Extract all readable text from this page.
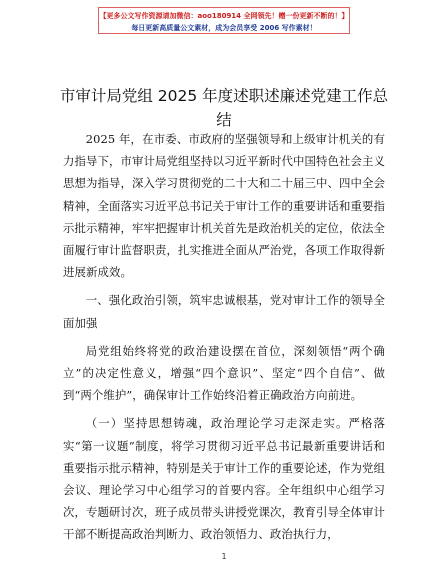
【更多公文写作资源请加微信：aoo180914 全网领先！赠一份更新不断的！】
每日更新高质量公文素材，成为会员享受 2006 写作素材！
市审计局党组 2025 年度述职述廉述党建工作总结

2025 年，在市委、市政府的坚强领导和上级审计机关的有力指导下，市审计局党组坚持以习近平新时代中国特色社会主义思想为指导，深入学习贯彻党的二十大和二十届三中、四中全会精神，全面落实习近平总书记关于审计工作的重要讲话和重要指示批示精神，牢牢把握审计机关首先是政治机关的定位，依法全面履行审计监督职责，扎实推进全面从严治党，各项工作取得新进展新成效。

一、强化政治引领，筑牢忠诚根基，党对审计工作的领导全面加强

局党组始终将党的政治建设摆在首位，深刻领悟“两个确立”的决定性意义，增强“四个意识”、坚定“四个自信”、做到“两个维护”，确保审计工作始终沿着正确政治方向前进。

（一）坚持思想铸魂，政治理论学习走深走实。严格落实“第一议题”制度，将学习贯彻习近平总书记最新重要讲话和重要指示批示精神，特别是关于审计工作的重要论述，作为党组会议、理论学习中心组学习的首要内容。全年组织中心组学习次，专题研讨次，班子成员带头讲授党课次，教育引导全体审计干部不断提高政治判断力、政治领悟力、政治执行力，

1
